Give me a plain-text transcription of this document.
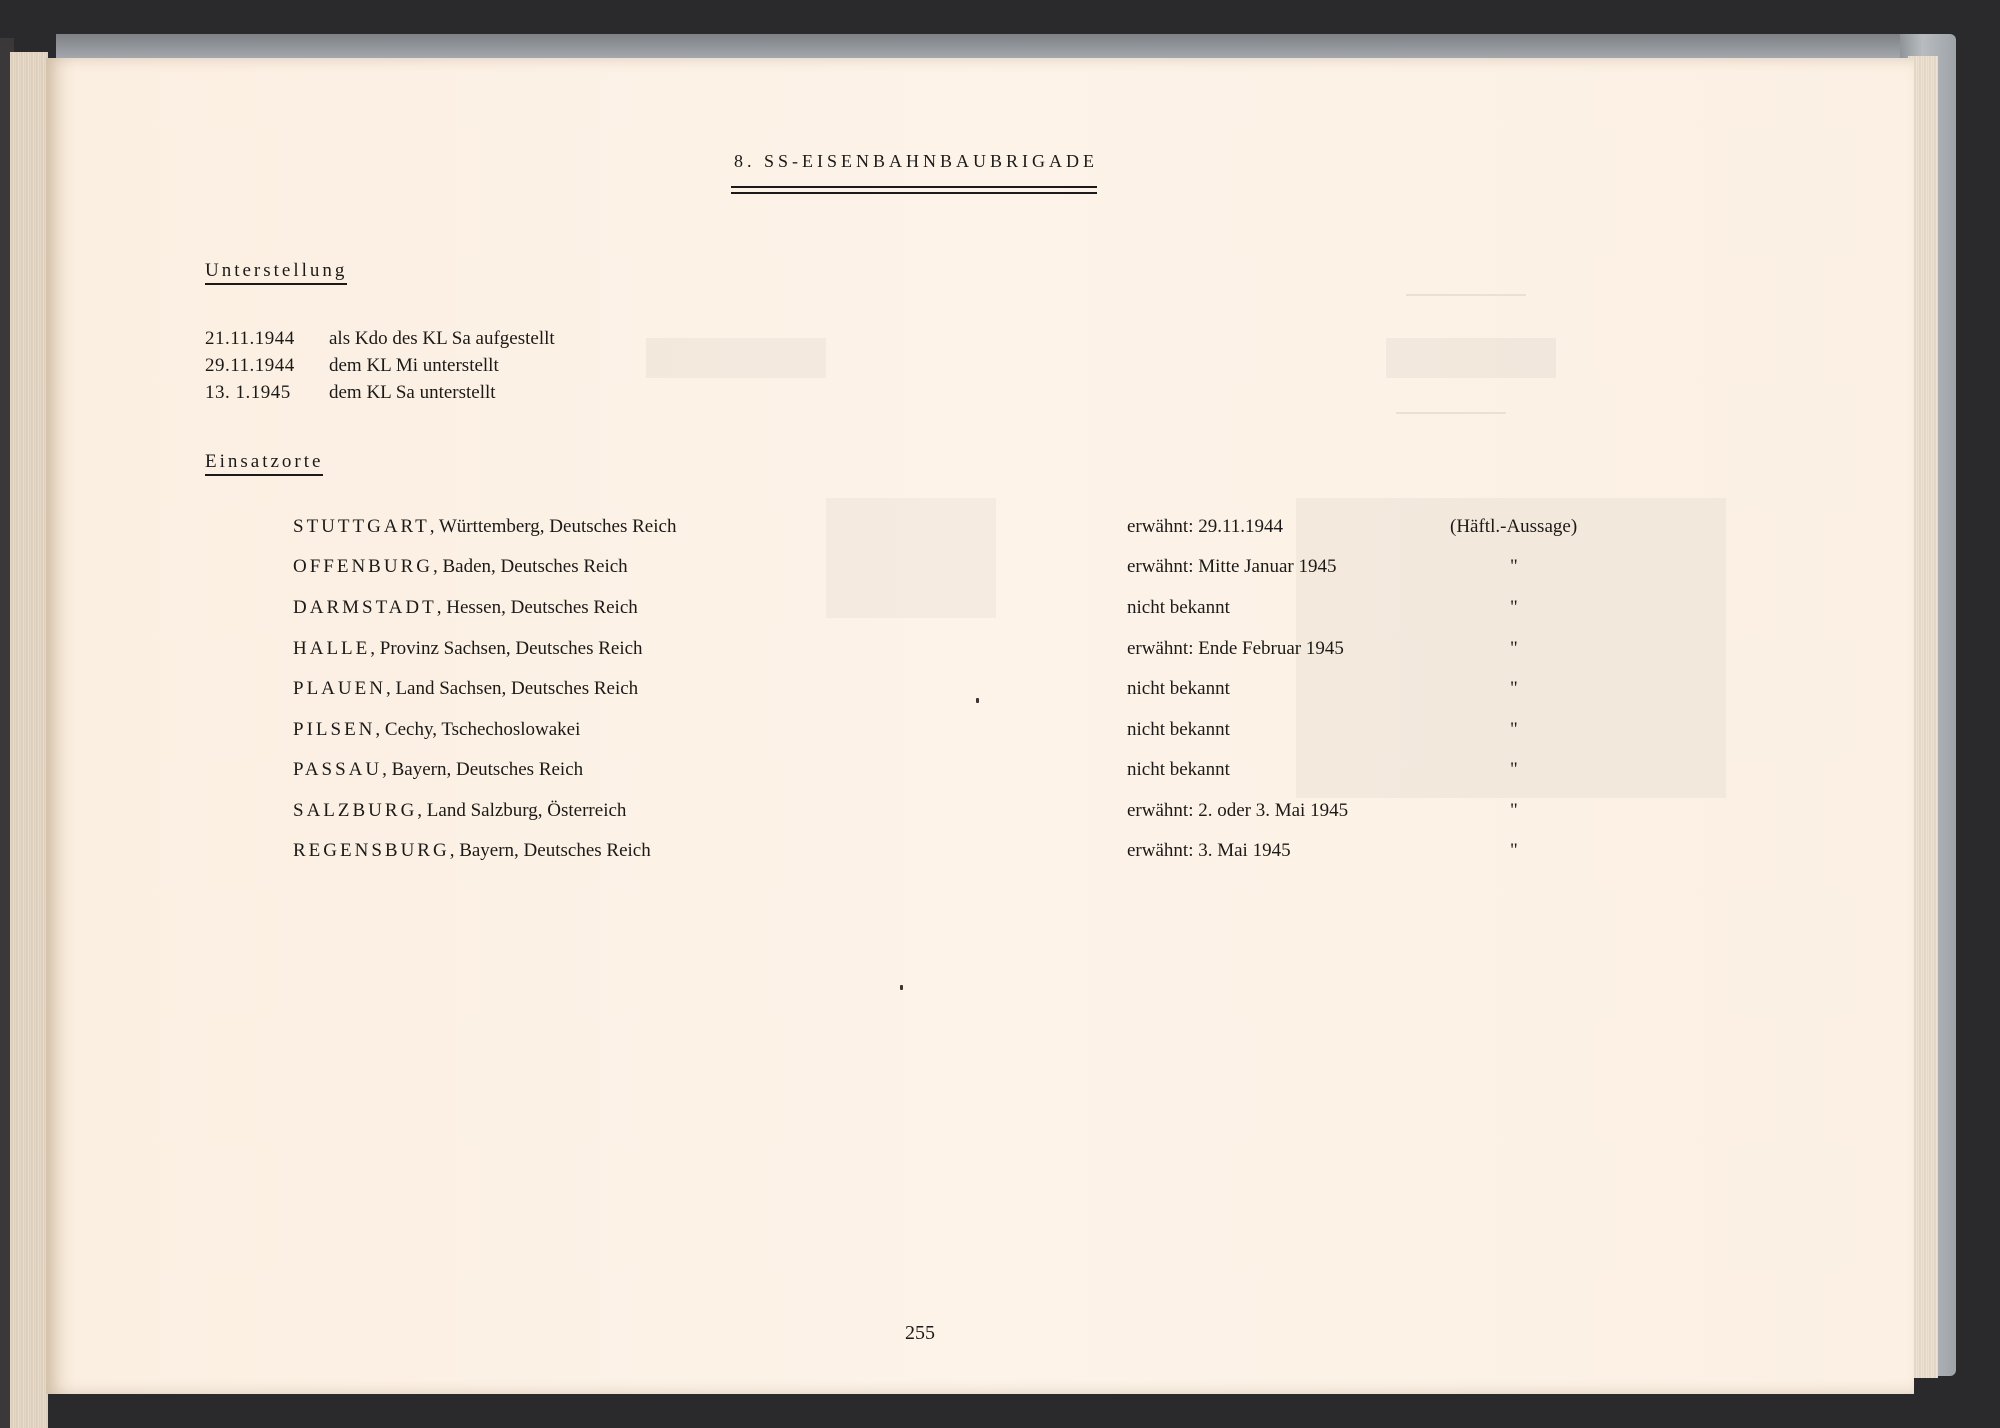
8. SS-EISENBAHNBAUBRIGADE
Unterstellung
21.11.1944 als Kdo des KL Sa aufgestellt
29.11.1944 dem KL Mi unterstellt
13. 1.1945 dem KL Sa unterstellt
Einsatzorte
STUTTGART, Württemberg, Deutsches Reich	erwähnt: 29.11.1944	(Häftl.-Aussage)
OFFENBURG, Baden, Deutsches Reich	erwähnt: Mitte Januar 1945	"
DARMSTADT, Hessen, Deutsches Reich	nicht bekannt	"
HALLE, Provinz Sachsen, Deutsches Reich	erwähnt: Ende Februar 1945	"
PLAUEN, Land Sachsen, Deutsches Reich	nicht bekannt	"
PILSEN, Cechy, Tschechoslowakei	nicht bekannt	"
PASSAU, Bayern, Deutsches Reich	nicht bekannt	"
SALZBURG, Land Salzburg, Österreich	erwähnt: 2. oder 3. Mai 1945	"
REGENSBURG, Bayern, Deutsches Reich	erwähnt: 3. Mai 1945	"
255
